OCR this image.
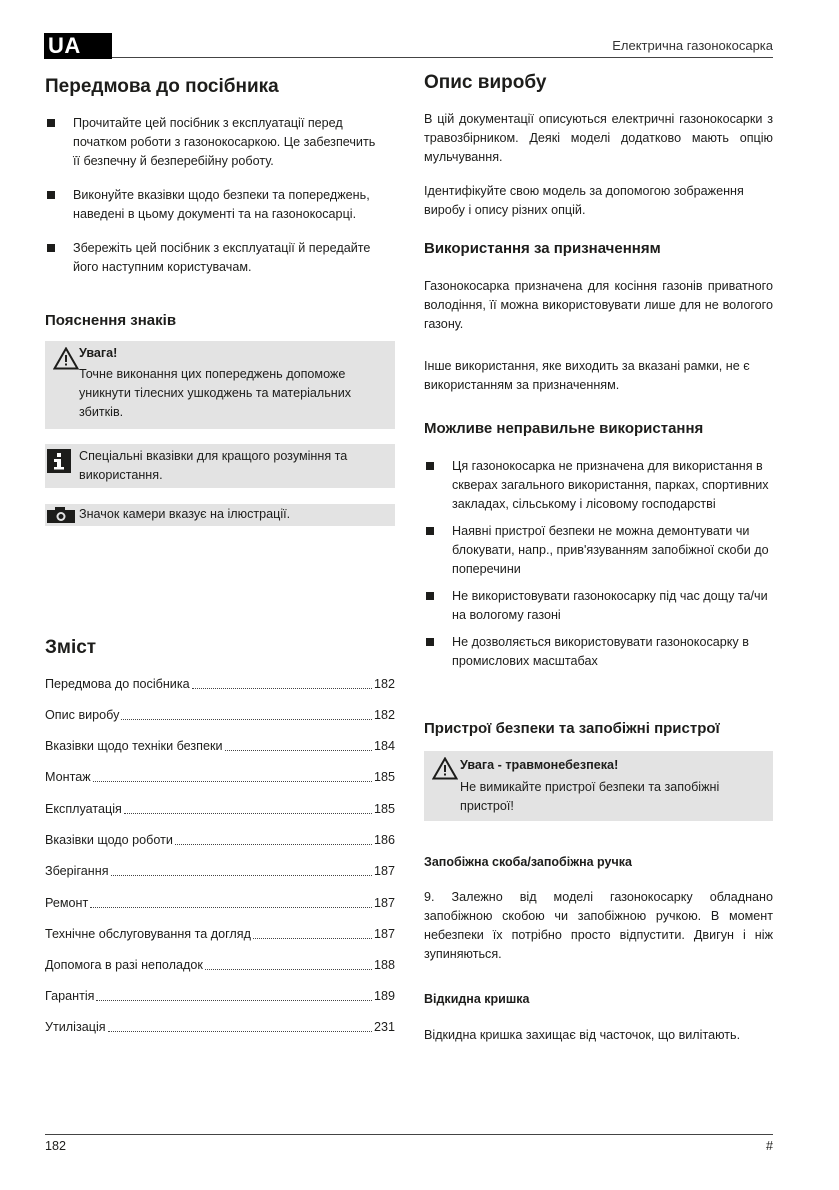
UA	Електрична газонокосарка
Передмова до посібника
Прочитайте цей посібник з експлуатації перед початком роботи з газонокосаркою. Це забезпечить її безпечну й безперебійну роботу.
Виконуйте вказівки щодо безпеки та попереджень, наведені в цьому документі та на газонокосарці.
Збережіть цей посібник з експлуатації й передайте його наступним користувачам.
Пояснення знаків
Увага!
Точне виконання цих попереджень допоможе уникнути тілесних ушкоджень та матеріальних збитків.
Спеціальні вказівки для кращого розуміння та використання.
Значок камери вказує на ілюстрації.
Зміст
Передмова до посібника	182
Опис виробу	182
Вказівки щодо техніки безпеки	184
Монтаж	185
Експлуатація	185
Вказівки щодо роботи	186
Зберігання	187
Ремонт	187
Технічне обслуговування та догляд	187
Допомога в разі неполадок	188
Гарантія	189
Утилізація	231
Опис виробу

В цій документації описуються електричні газонокосарки з травозбірником. Деякі моделі додатково мають опцію мульчування.

Ідентифікуйте свою модель за допомогою зображення виробу і опису різних опцій.

Використання за призначенням

Газонокосарка призначена для косіння газонів приватного володіння, її можна використовувати лише для не вологого газону.

Інше використання, яке виходить за вказані рамки, не є використанням за призначенням.

Можливе неправильне використання
Ця газонокосарка не призначена для використання в скверах загального використання, парках, спортивних закладах, сільському і лісовому господарстві
Наявні пристрої безпеки не можна демонтувати чи блокувати, напр., прив'язуванням запобіжної скоби до поперечини
Не використовувати газонокосарку під час дощу та/чи на вологому газоні
Не дозволяється використовувати газонокосарку в промислових масштабах
Пристрої безпеки та запобіжні пристрої
Увага - травмонебезпека!
Не вимикайте пристрої безпеки та запобіжні пристрої!
Запобіжна скоба/запобіжна ручка

9. Залежно від моделі газонокосарку обладнано запобіжною скобою чи запобіжною ручкою. В момент небезпеки їх потрібно просто відпустити. Двигун і ніж зупиняються.

Відкидна кришка

Відкидна кришка захищає від часточок, що вилітають.

182	#
